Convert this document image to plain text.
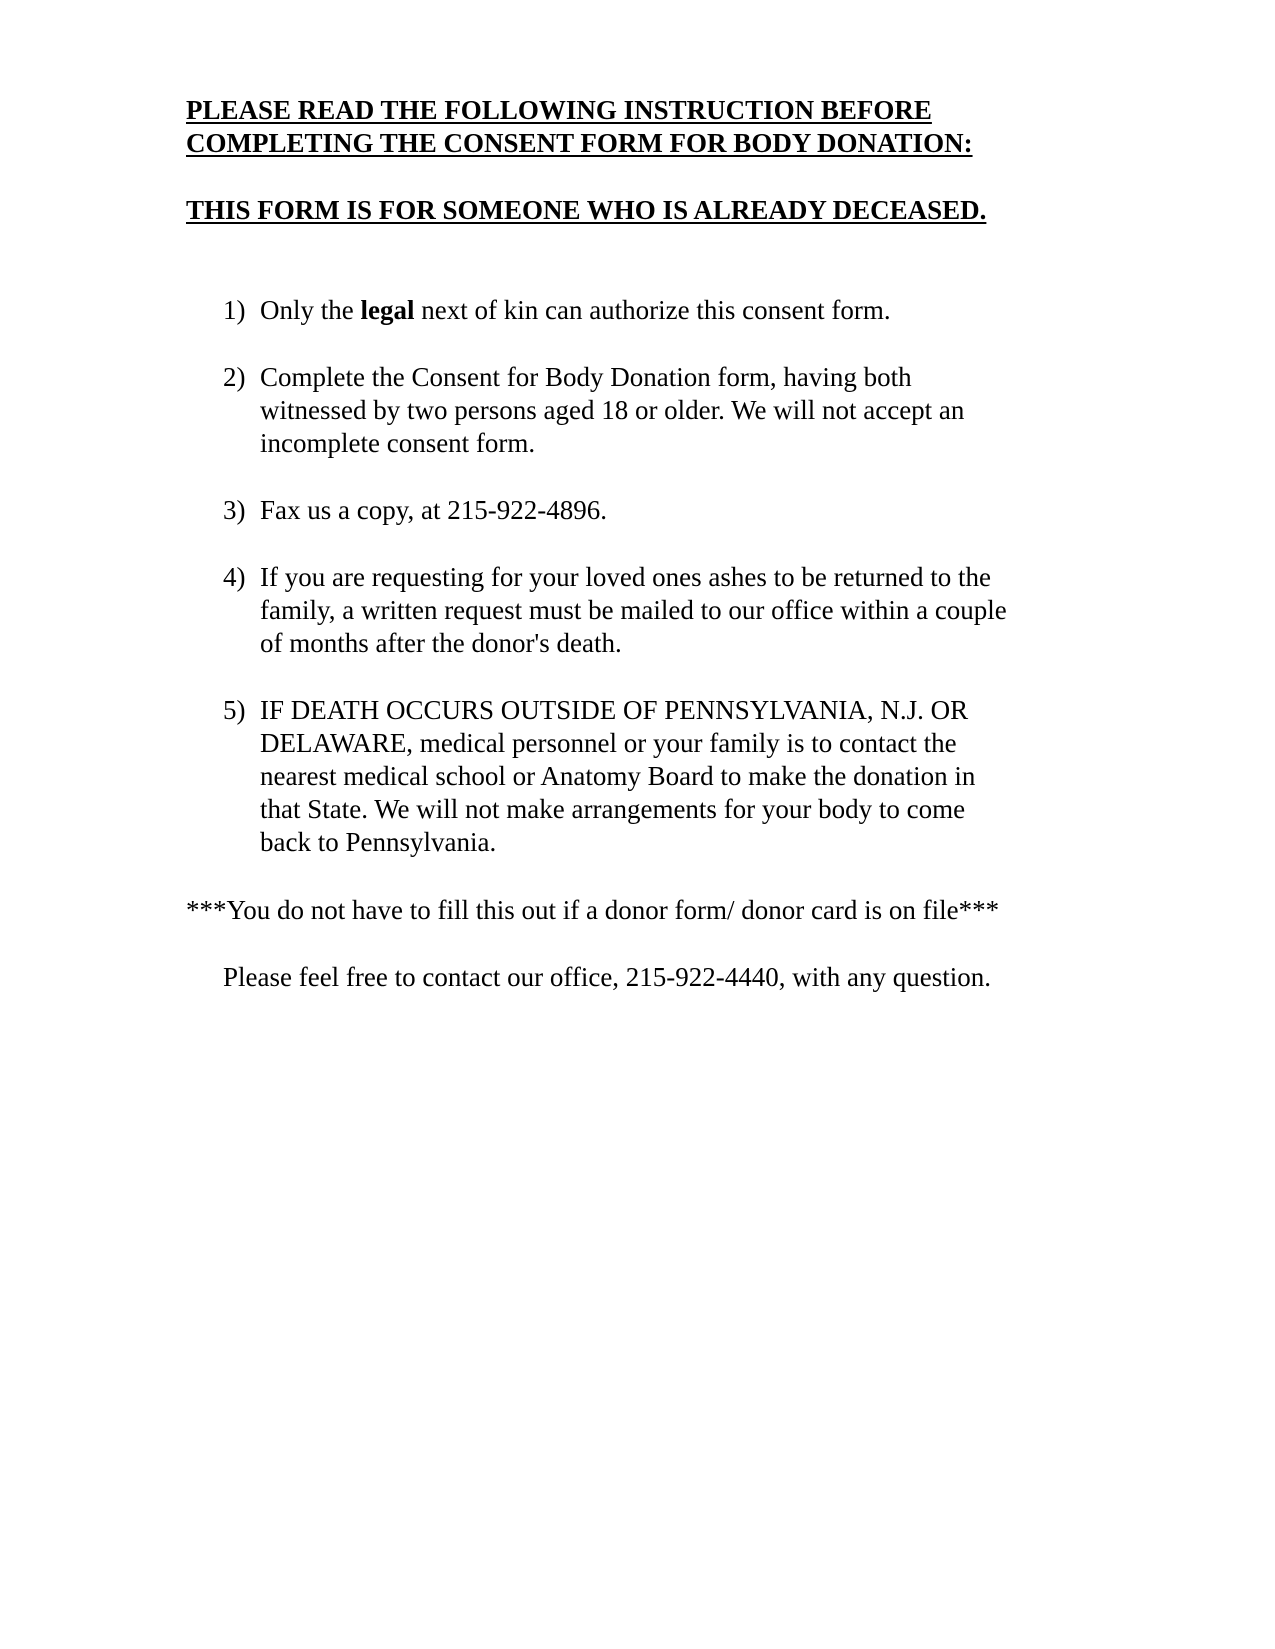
PLEASE READ THE FOLLOWING INSTRUCTION BEFORE
COMPLETING THE CONSENT FORM FOR BODY DONATION:
THIS FORM IS FOR SOMEONE WHO IS ALREADY DECEASED.
1) Only the legal next of kin can authorize this consent form.
2) Complete the Consent for Body Donation form, having both
witnessed by two persons aged 18 or older. We will not accept an
incomplete consent form.
3) Fax us a copy, at 215-922-4896.
4) If you are requesting for your loved ones ashes to be returned to the
family, a written request must be mailed to our office within a couple
of months after the donor's death.
5) IF DEATH OCCURS OUTSIDE OF PENNSYLVANIA, N.J. OR
DELAWARE, medical personnel or your family is to contact the
nearest medical school or Anatomy Board to make the donation in
that State. We will not make arrangements for your body to come
back to Pennsylvania.
***You do not have to fill this out if a donor form/ donor card is on file***
Please feel free to contact our office, 215-922-4440, with any question.
